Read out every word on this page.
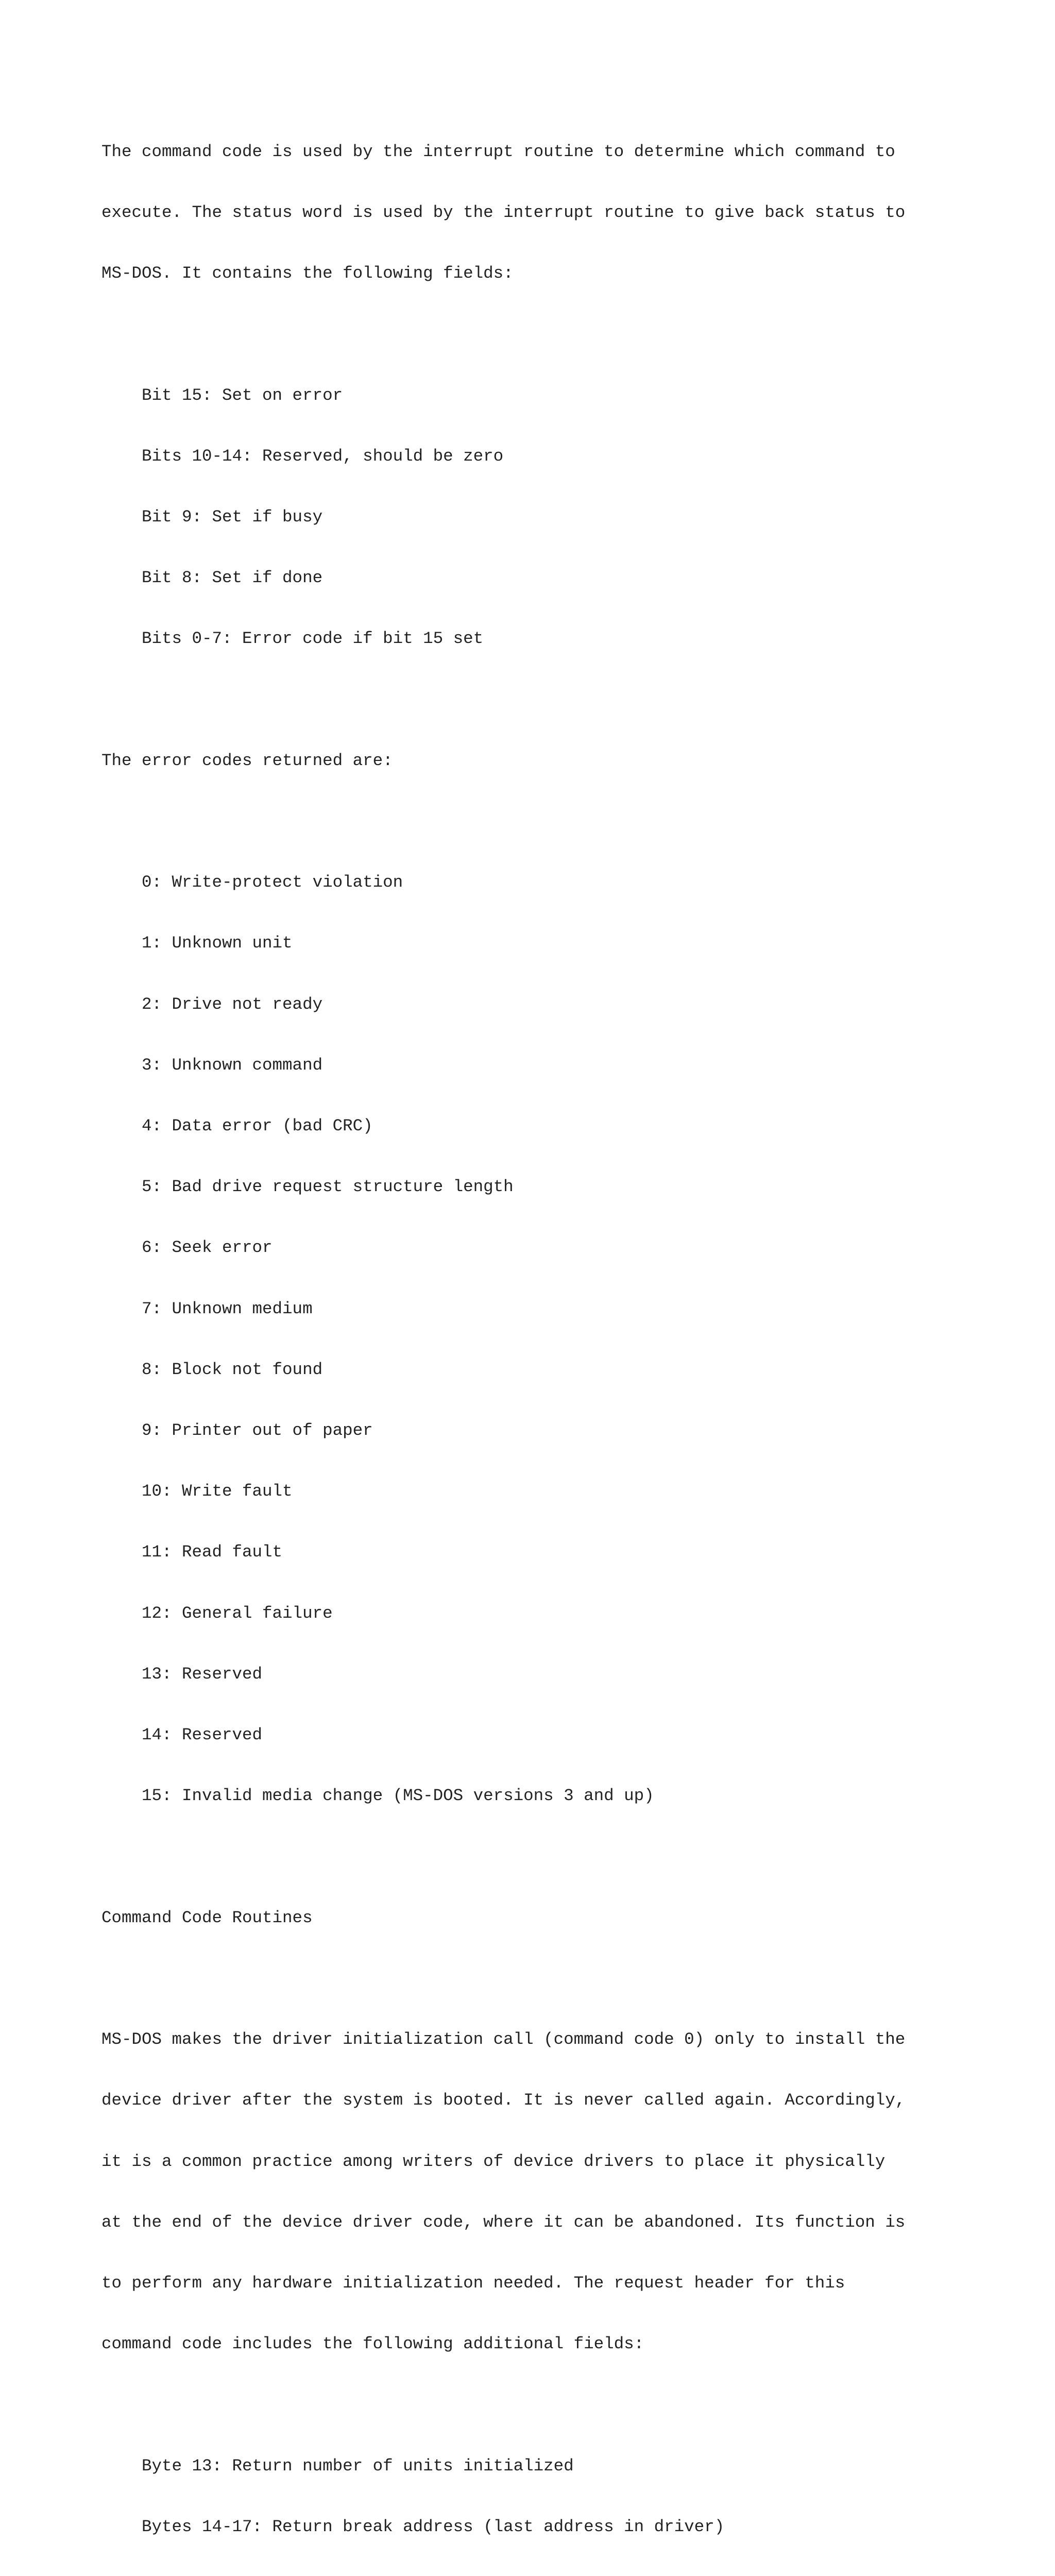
The command code is used by the interrupt routine to determine which command to

execute. The status word is used by the interrupt routine to give back status to

MS-DOS. It contains the following fields:

Bit 15: Set on error

Bits 10-14: Reserved, should be zero

Bit 9: Set if busy

Bit 8: Set if done

Bits 0-7: Error code if bit 15 set

The error codes returned are:

0: Write-protect violation

1: Unknown unit

2: Drive not ready

3: Unknown command

4: Data error (bad CRC)

5: Bad drive request structure length

6: Seek error

7: Unknown medium

8: Block not found

9: Printer out of paper

10: Write fault

11: Read fault

12: General failure

13: Reserved

14: Reserved

15: Invalid media change (MS-DOS versions 3 and up)

Command Code Routines

MS-DOS makes the driver initialization call (command code 0) only to install the

device driver after the system is booted. It is never called again. Accordingly,

it is a common practice among writers of device drivers to place it physically

at the end of the device driver code, where it can be abandoned. Its function is

to perform any hardware initialization needed. The request header for this

command code includes the following additional fields:

Byte 13: Return number of units initialized

Bytes 14-17: Return break address (last address in driver)
